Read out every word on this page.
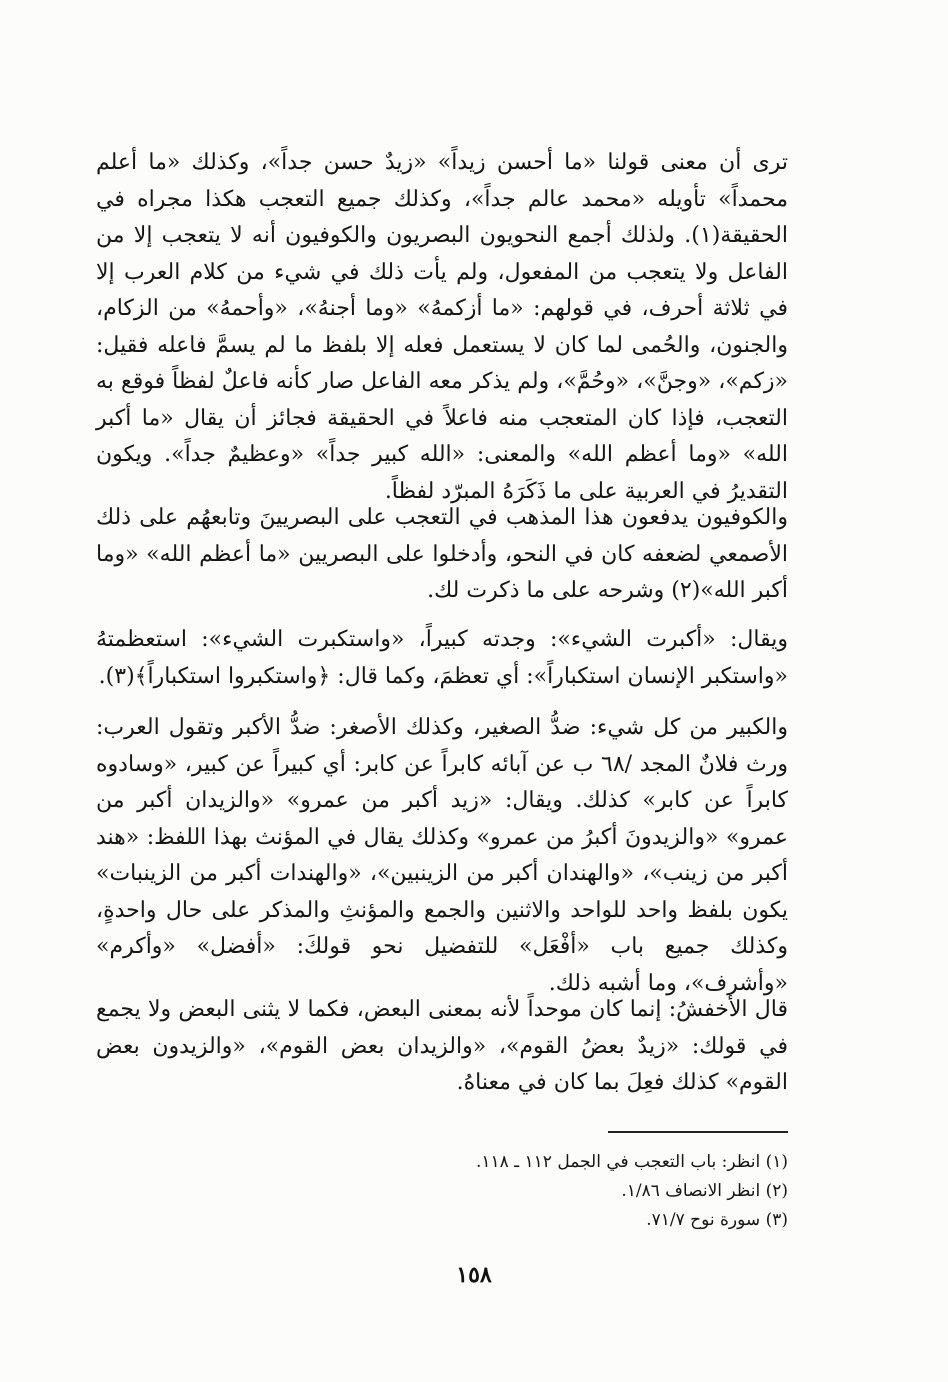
ترى أن معنى قولنا «ما أحسن زيداً» «زيدٌ حسن جداً»، وكذلك «ما أعلم محمداً» تأويله «محمد عالم جداً»، وكذلك جميع التعجب هكذا مجراه في الحقيقة(١). ولذلك أجمع النحويون البصريون والكوفيون أنه لا يتعجب إلا من الفاعل ولا يتعجب من المفعول، ولم يأت ذلك في شيء من كلام العرب إلا في ثلاثة أحرف، في قولهم: «ما أزكمهُ» «وما أجنهُ»، «وأحمهُ» من الزكام، والجنون، والحُمى لما كان لا يستعمل فعله إلا بلفظ ما لم يسمَّ فاعله فقيل: «زكم»، «وجنَّ»، «وحُمَّ»، ولم يذكر معه الفاعل صار كأنه فاعلٌ لفظاً فوقع به التعجب، فإذا كان المتعجب منه فاعلاً في الحقيقة فجائز أن يقال «ما أكبر الله» «وما أعظم الله» والمعنى: «الله كبير جداً» «وعظيمٌ جداً». ويكون التقديرُ في العربية على ما ذَكَرَهُ المبرّد لفظاً.

والكوفيون يدفعون هذا المذهب في التعجب على البصريينَ وتابعهُم على ذلك الأصمعي لضعفه كان في النحو، وأدخلوا على البصريين «ما أعظم الله» «وما أكبر الله»(٢) وشرحه على ما ذكرت لك.

ويقال: «أكبرت الشيء»: وجدته كبيراً، «واستكبرت الشيء»: استعظمتهُ «واستكبر الإنسان استكباراً»: أي تعظمَ، وكما قال: ﴿واستكبروا استكباراً﴾(٣).

والكبير من كل شيء: ضدُّ الصغير، وكذلك الأصغر: ضدُّ الأكبر وتقول العرب: ورث فلانٌ المجد /٦٨ ب عن آبائه كابراً عن كابر: أي كبيراً عن كبير، «وسادوه كابراً عن كابر» كذلك. ويقال: «زيد أكبر من عمرو» «والزيدان أكبر من عمرو» «والزيدونَ أكبرُ من عمرو» وكذلك يقال في المؤنث بهذا اللفظ: «هند أكبر من زينب»، «والهندان أكبر من الزينبين»، «والهندات أكبر من الزينبات» يكون بلفظ واحد للواحد والاثنين والجمع والمؤنثِ والمذكر على حال واحدةٍ، وكذلك جميع باب «أفْعَل» للتفضيل نحو قولكَ: «أفضل» «وأكرم» «وأشرف»، وما أشبه ذلك.

قال الأخفشُ: إنما كان موحداً لأنه بمعنى البعض، فكما لا يثنى البعض ولا يجمع في قولك: «زيدٌ بعضُ القوم»، «والزيدان بعض القوم»، «والزيدون بعض القوم» كذلك فعِلَ بما كان في معناهُ.

(١) انظر: باب التعجب في الجمل ١١٢ ـ ١١٨.
(٢) انظر الانصاف ١/٨٦.
(٣) سورة نوح ٧١/٧.
١٥٨
